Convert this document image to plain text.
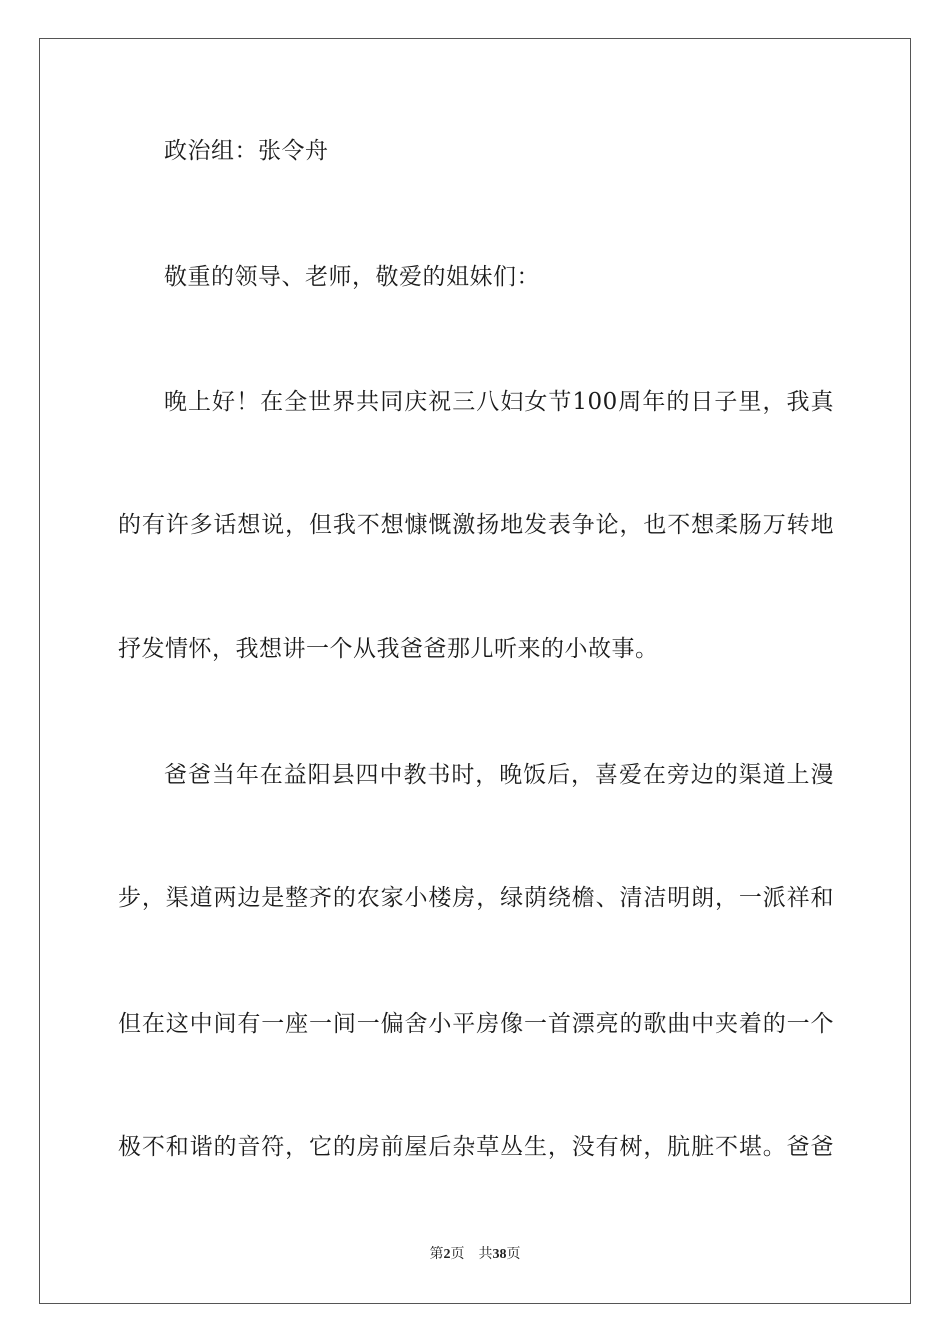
政治组：张令舟
敬重的领导、老师，敬爱的姐妹们：
晚上好！在全世界共同庆祝三八妇女节100周年的日子里，我真
的有许多话想说，但我不想慷慨激扬地发表争论，也不想柔肠万转地
抒发情怀，我想讲一个从我爸爸那儿听来的小故事。
爸爸当年在益阳县四中教书时，晚饭后，喜爱在旁边的渠道上漫
步，渠道两边是整齐的农家小楼房，绿荫绕檐、清洁明朗，一派祥和
但在这中间有一座一间一偏舍小平房像一首漂亮的歌曲中夹着的一个
极不和谐的音符，它的房前屋后杂草丛生，没有树，肮脏不堪。爸爸
第2页 共38页
